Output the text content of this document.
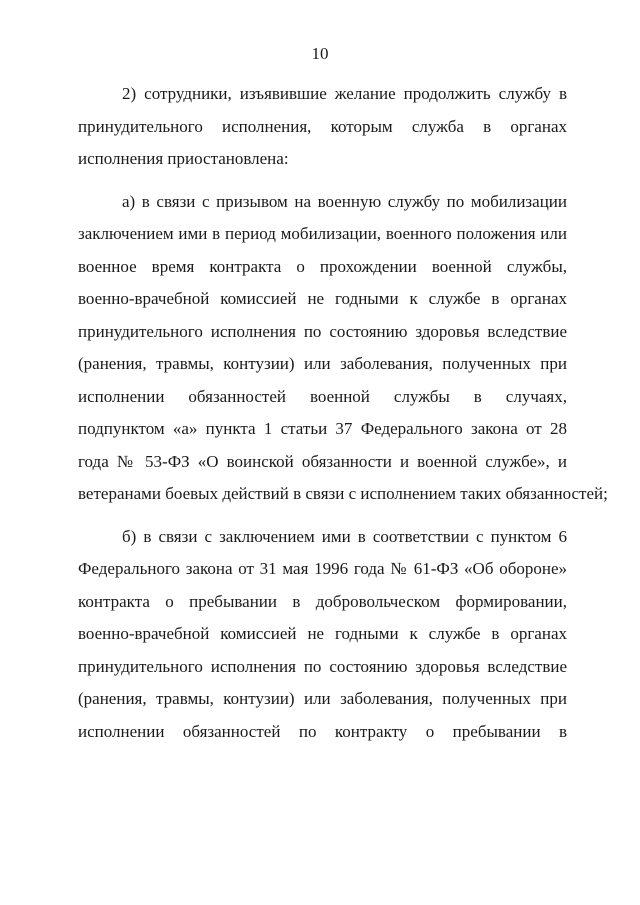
10
2) сотрудники, изъявившие желание продолжить службу в
принудительного исполнения, которым служба в органах
исполнения приостановлена:
а) в связи с призывом на военную службу по мобилизации
заключением ими в период мобилизации, военного положения или
военное время контракта о прохождении военной службы,
военно-врачебной комиссией не годными к службе в органах
принудительного исполнения по состоянию здоровья вследствие
(ранения, травмы, контузии) или заболевания, полученных при
исполнении обязанностей военной службы в случаях,
подпунктом «а» пункта 1 статьи 37 Федерального закона от 28
года № 53-ФЗ «О воинской обязанности и военной службе», и
ветеранами боевых действий в связи с исполнением таких обязанностей;
б) в связи с заключением ими в соответствии с пунктом 6
Федерального закона от 31 мая 1996 года № 61-ФЗ «Об обороне»
контракта о пребывании в добровольческом формировании,
военно-врачебной комиссией не годными к службе в органах
принудительного исполнения по состоянию здоровья вследствие
(ранения, травмы, контузии) или заболевания, полученных при
исполнении обязанностей по контракту о пребывании в
